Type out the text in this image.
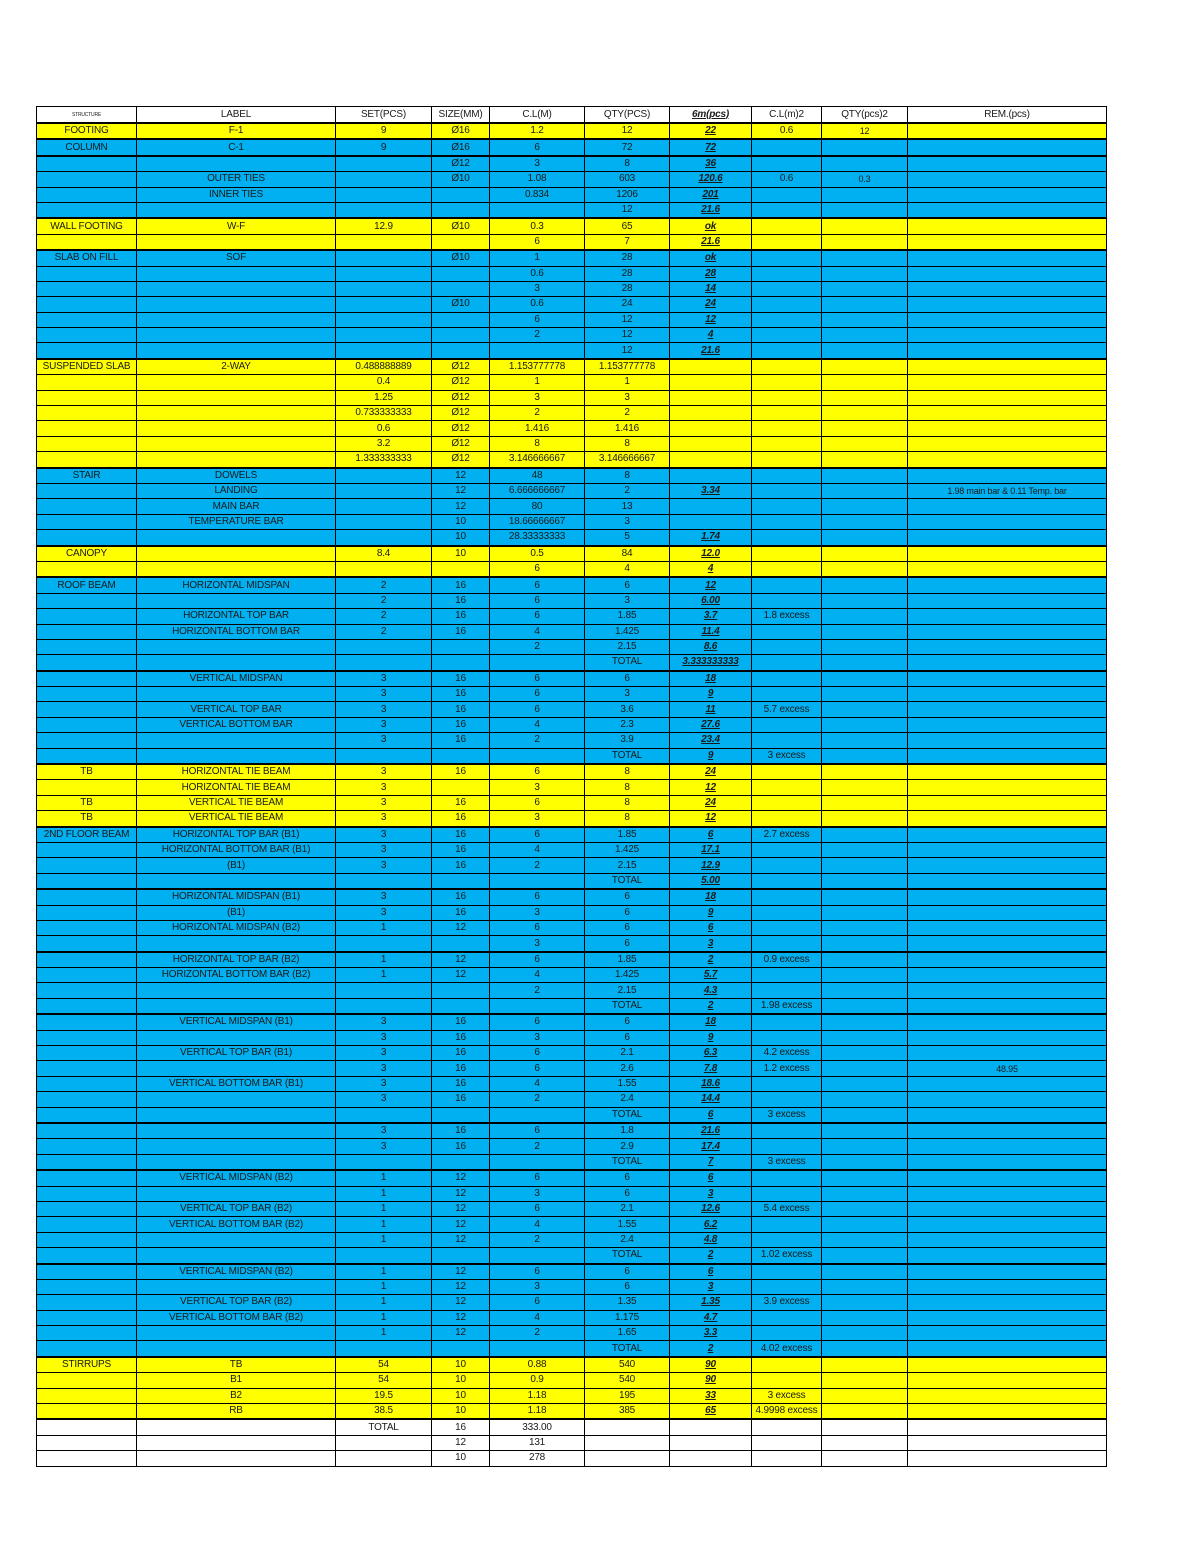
STRUCTURE	LABEL	SET(PCS)	SIZE(MM)	C.L(M)	QTY(PCS)	6m(pcs)	C.L(m)2	QTY(pcs)2	REM.(pcs)
FOOTING	F-1	9	Ø16	1.2	12	22	0.6	12	
COLUMN	C-1	9	Ø16	6	72	72			
			Ø12	3	8	36			
	OUTER TIES		Ø10	1.08	603	120.6	0.6	0.3	
	INNER TIES			0.834	1206	201			
					12	21.6			
WALL FOOTING	W-F	12.9	Ø10	0.3	65	ok			
				6	7	21.6			
SLAB ON FILL	SOF		Ø10	1	28	ok			
				0.6	28	28			
				3	28	14			
			Ø10	0.6	24	24			
				6	12	12			
				2	12	4			
					12	21.6			
SUSPENDED SLAB	2-WAY	0.488888889	Ø12	1.153777778	1.153777778				
		0.4	Ø12	1	1				
		1.25	Ø12	3	3				
		0.733333333	Ø12	2	2				
		0.6	Ø12	1.416	1.416				
		3.2	Ø12	8	8				
		1.333333333	Ø12	3.146666667	3.146666667				
STAIR	DOWELS		12	48	8				
	LANDING		12	6.666666667	2	3.34			1.98 main bar & 0.11 Temp. bar
	MAIN BAR		12	80	13				
	TEMPERATURE BAR		10	18.66666667	3				
			10	28.33333333	5	1.74			
CANOPY		8.4	10	0.5	84	12.0			
				6	4	4			
ROOF BEAM	HORIZONTAL MIDSPAN	2	16	6	6	12			
		2	16	6	3	6.00			
	HORIZONTAL TOP BAR	2	16	6	1.85	3.7	1.8 excess		
	HORIZONTAL BOTTOM BAR	2	16	4	1.425	11.4			
				2	2.15	8.6			
					TOTAL	3.333333333			
	VERTICAL MIDSPAN	3	16	6	6	18			
		3	16	6	3	9			
	VERTICAL TOP BAR	3	16	6	3.6	11	5.7 excess		
	VERTICAL BOTTOM BAR	3	16	4	2.3	27.6			
		3	16	2	3.9	23.4			
					TOTAL	9	3 excess		
TB	HORIZONTAL TIE BEAM	3	16	6	8	24			
	HORIZONTAL TIE BEAM	3		3	8	12			
TB	VERTICAL TIE BEAM	3	16	6	8	24			
TB	VERTICAL TIE BEAM	3	16	3	8	12			
2ND FLOOR BEAM	HORIZONTAL TOP BAR (B1)	3	16	6	1.85	6	2.7 excess		
	HORIZONTAL BOTTOM BAR (B1)	3	16	4	1.425	17.1			
	(B1)	3	16	2	2.15	12.9			
					TOTAL	5.00			
	HORIZONTAL MIDSPAN (B1)	3	16	6	6	18			
	(B1)	3	16	3	6	9			
	HORIZONTAL MIDSPAN (B2)	1	12	6	6	6			
				3	6	3			
	HORIZONTAL TOP BAR (B2)	1	12	6	1.85	2	0.9 excess		
	HORIZONTAL BOTTOM BAR (B2)	1	12	4	1.425	5.7			
				2	2.15	4.3			
					TOTAL	2	1.98 excess		
	VERTICAL MIDSPAN (B1)	3	16	6	6	18			
		3	16	3	6	9			
	VERTICAL TOP BAR (B1)	3	16	6	2.1	6.3	4.2 excess		
		3	16	6	2.6	7.8	1.2 excess		48.95
	VERTICAL BOTTOM BAR (B1)	3	16	4	1.55	18.6			
		3	16	2	2.4	14.4			
					TOTAL	6	3 excess		
		3	16	6	1.8	21.6			
		3	16	2	2.9	17.4			
					TOTAL	7	3 excess		
	VERTICAL MIDSPAN (B2)	1	12	6	6	6			
		1	12	3	6	3			
	VERTICAL TOP BAR (B2)	1	12	6	2.1	12.6	5.4 excess		
	VERTICAL BOTTOM BAR (B2)	1	12	4	1.55	6.2			
		1	12	2	2.4	4.8			
					TOTAL	2	1.02 excess		
	VERTICAL MIDSPAN (B2)	1	12	6	6	6			
		1	12	3	6	3			
	VERTICAL TOP BAR (B2)	1	12	6	1.35	1.35	3.9 excess		
	VERTICAL BOTTOM BAR (B2)	1	12	4	1.175	4.7			
		1	12	2	1.65	3.3			
					TOTAL	2	4.02 excess		
STIRRUPS	TB	54	10	0.88	540	90			
	B1	54	10	0.9	540	90			
	B2	19.5	10	1.18	195	33	3 excess		
	RB	38.5	10	1.18	385	65	4.9998 excess		
		TOTAL	16	333.00					
			12	131					
			10	278					
